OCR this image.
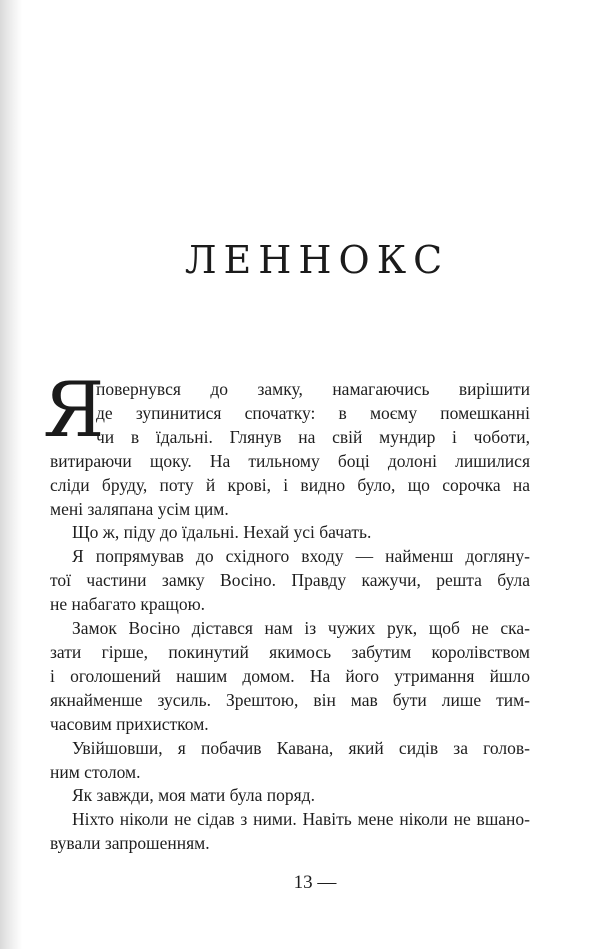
ЛЕННОКС
Я
повернувся до замку, намагаючись вирішити
де зупинитися спочатку: в моєму помешканні
чи в їдальні. Глянув на свій мундир і чоботи,
витираючи щоку. На тильному боці долоні лишилися
сліди бруду, поту й крові, і видно було, що сорочка на
мені заляпана усім цим.
Що ж, піду до їдальні. Нехай усі бачать.
Я попрямував до східного входу — найменш догляну-
тої частини замку Восіно. Правду кажучи, решта була
не набагато кращою.
Замок Восіно дістався нам із чужих рук, щоб не ска-
зати гірше, покинутий якимось забутим королівством
і оголошений нашим домом. На його утримання йшло
якнайменше зусиль. Зрештою, він мав бути лише тим-
часовим прихистком.
Увійшовши, я побачив Кавана, який сидів за голов-
ним столом.
Як завжди, моя мати була поряд.
Ніхто ніколи не сідав з ними. Навіть мене ніколи не вшано-
вували запрошенням.
13 —
